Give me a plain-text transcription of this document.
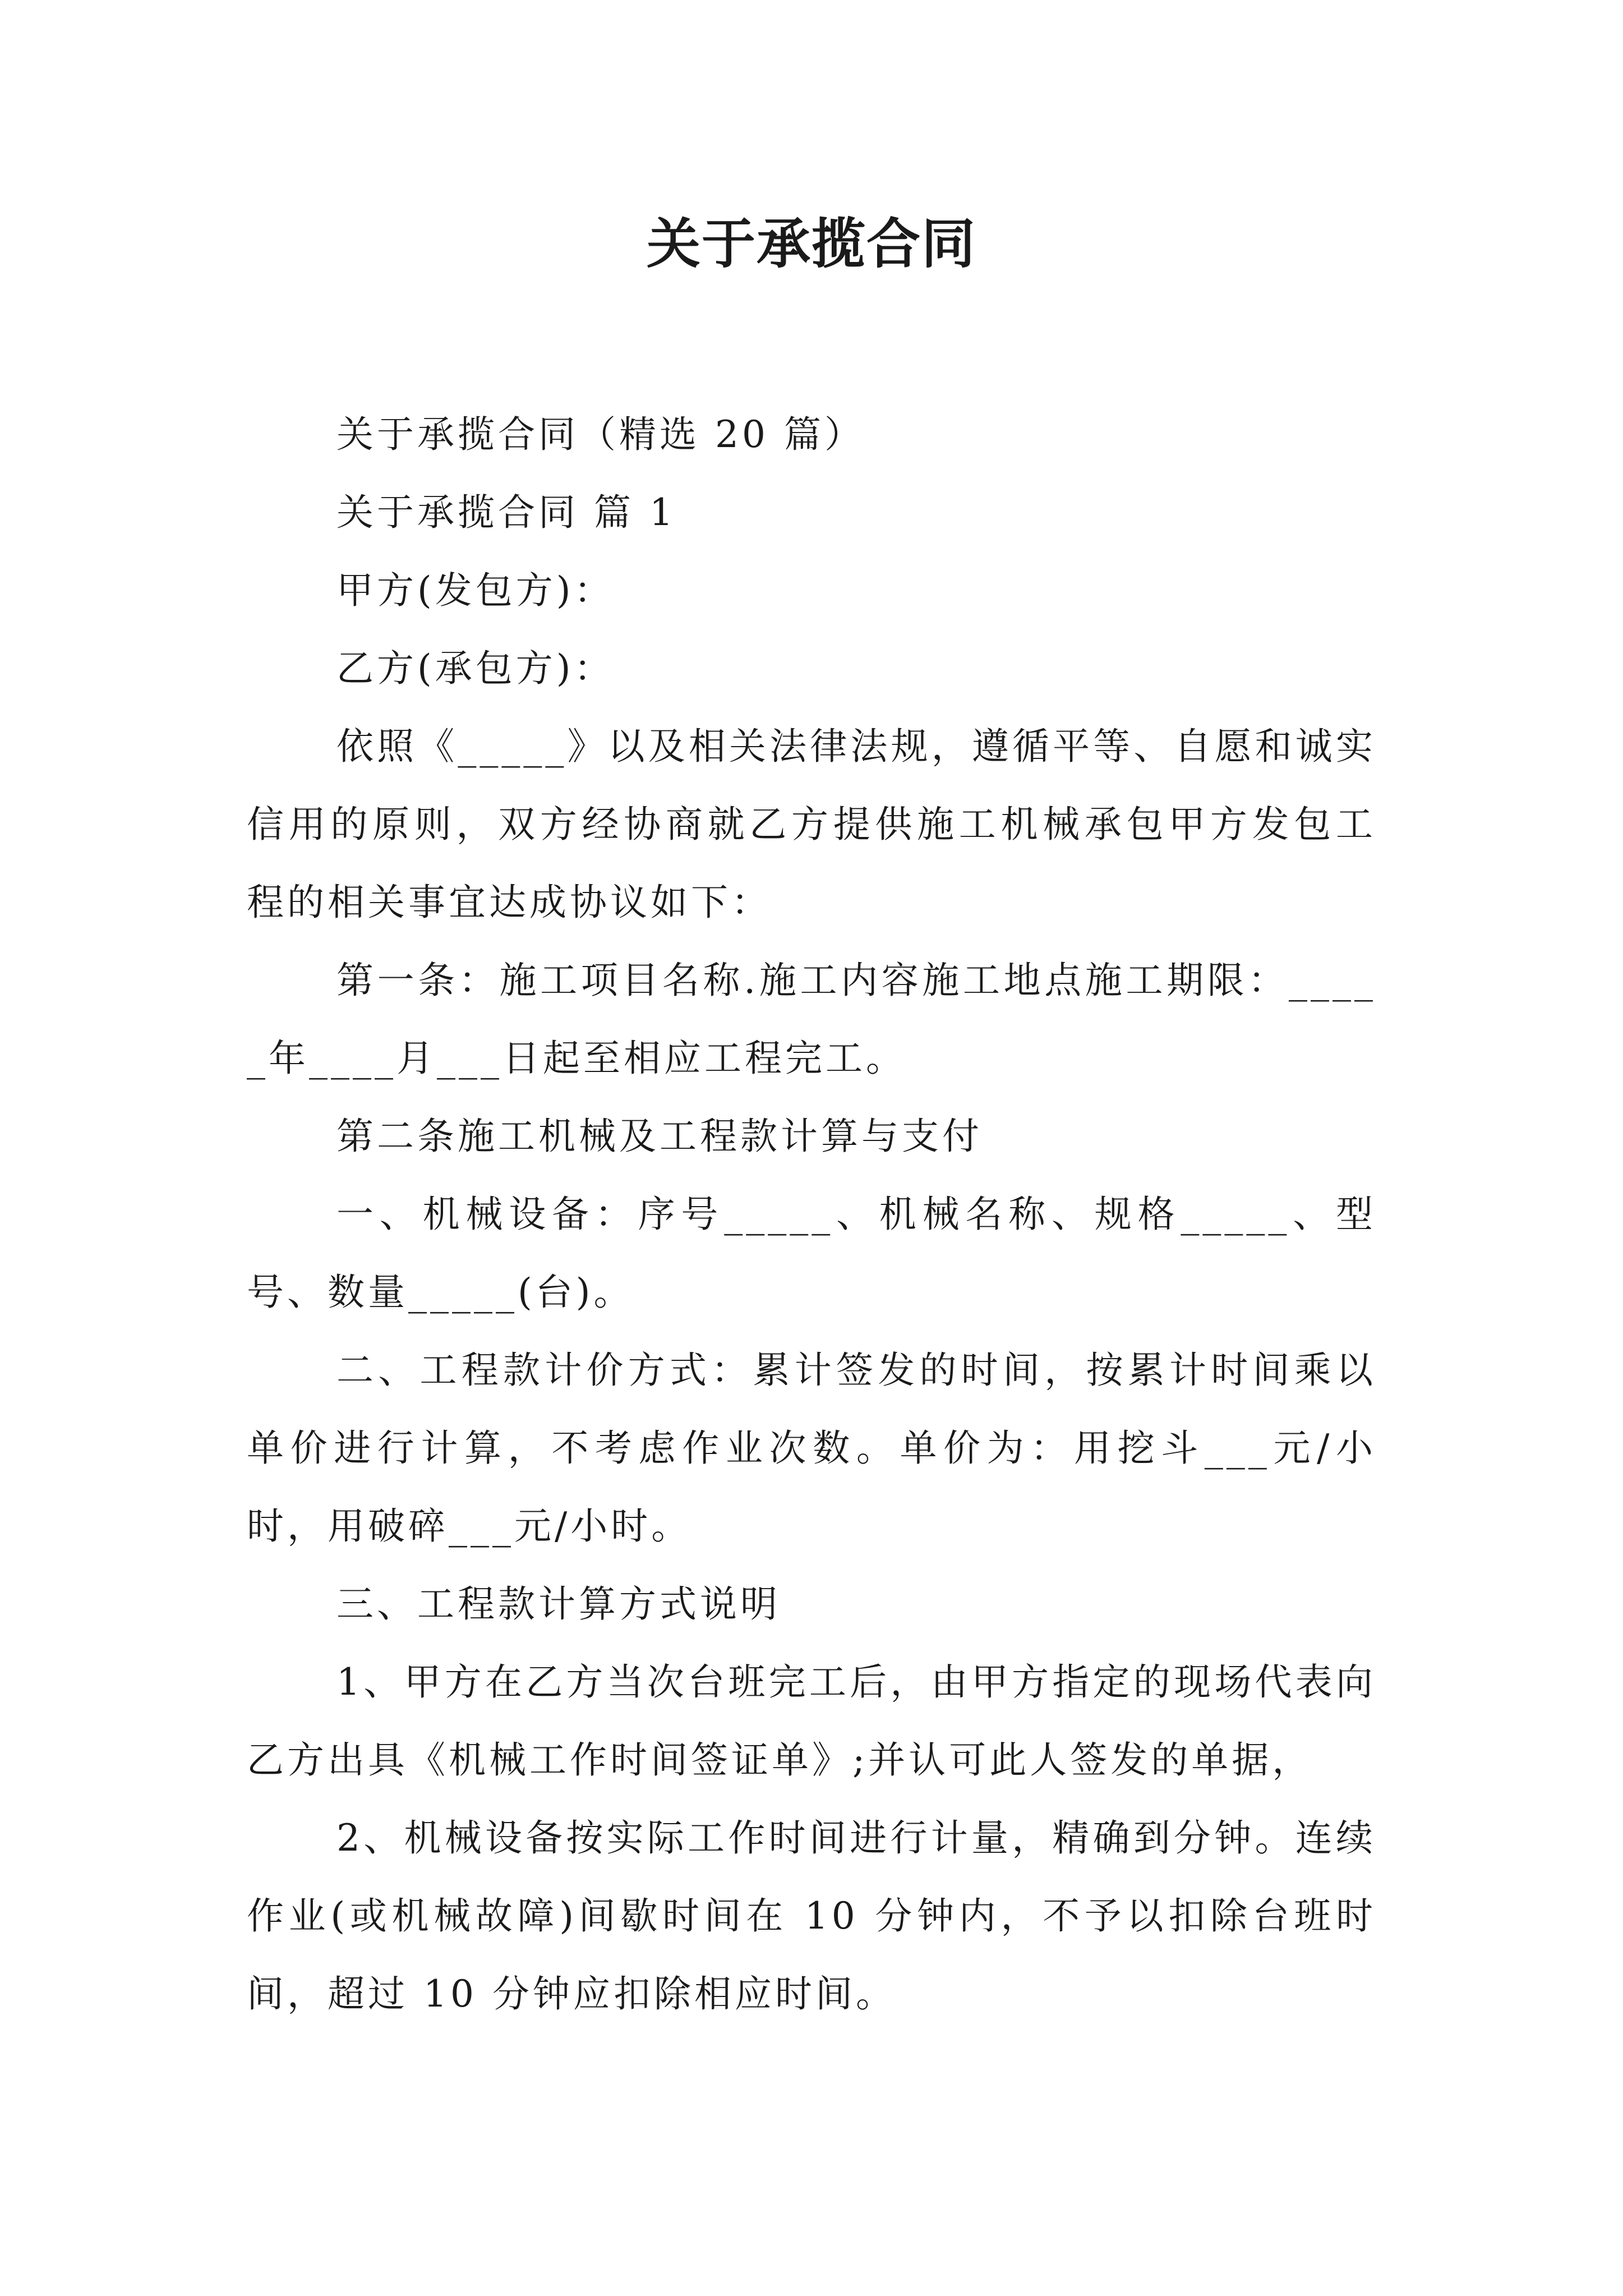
关于承揽合同

关于承揽合同（精选 20 篇）

关于承揽合同 篇 1

甲方(发包方)：

乙方(承包方)：

依照《_____》以及相关法律法规，遵循平等、自愿和诚实信用的原则，双方经协商就乙方提供施工机械承包甲方发包工程的相关事宜达成协议如下：

第一条：施工项目名称.施工内容施工地点施工期限：_____年____月___日起至相应工程完工。

第二条施工机械及工程款计算与支付

一、机械设备：序号_____、机械名称、规格_____、型号、数量_____(台)。

二、工程款计价方式：累计签发的时间，按累计时间乘以单价进行计算，不考虑作业次数。单价为：用挖斗___元/小时，用破碎___元/小时。

三、工程款计算方式说明

1、甲方在乙方当次台班完工后，由甲方指定的现场代表向乙方出具《机械工作时间签证单》;并认可此人签发的单据，

2、机械设备按实际工作时间进行计量，精确到分钟。连续作业(或机械故障)间歇时间在 10 分钟内，不予以扣除台班时间，超过 10 分钟应扣除相应时间。
